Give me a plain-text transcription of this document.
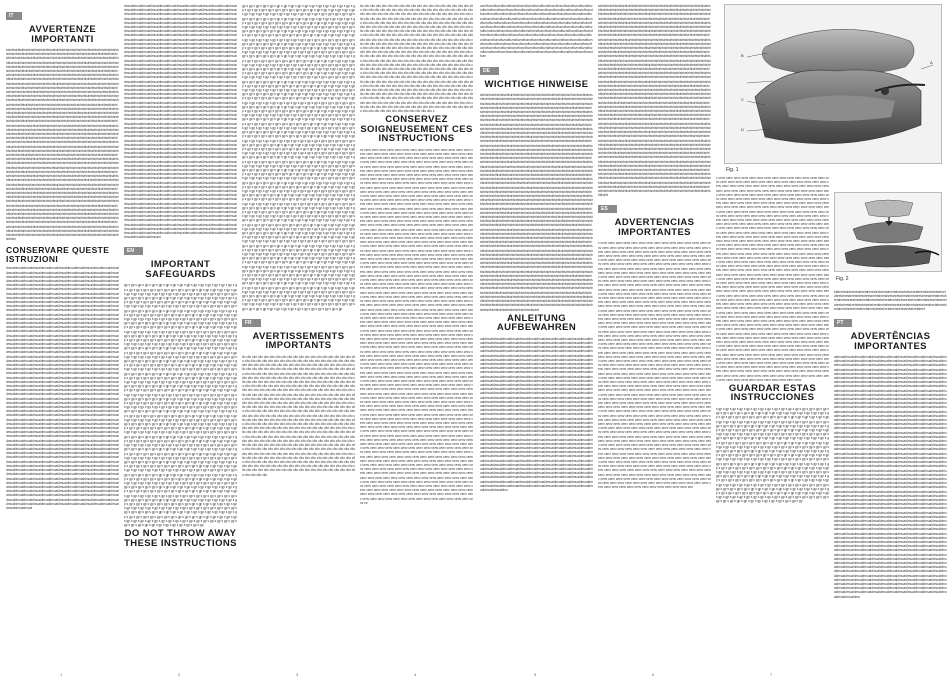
IT
AVVERTENZE IMPORTANTI
bisirbisirbisirbisirbisirbisirbisirbisirbisirbisirbisirbisirbisirbisirbisirbisirbisirbisirbisirbisirbisirbisirbisirbisirbisirbisirbisirbisirbisirbisirbisirbisirbisirbisirbisirbisirbisirbisirbisirbisirbisirbisirbisirbisirbisirbisirbisirbisirbisirbisirbisirbisirbisirbisirbisirbisirbisirbisirbisirbisirbisirbisirbisirbisirbisirbisirbisirbisirbisirbisirbisirbisirbisirbisirbisirbisirbisirbisirbisirbisirbisirbisirbisirbisirbisirbisirbisirbisirbisirbisirbisirbisirbisirbisirbisirbisirbisirbisirbisirbisirbisirbisirbisirbisirbisirbisirbisirbisirbisirbisirbisirbisirbisirbisirbisirbisirbisirbisirbisirbisirbisirbisirbisirbisirbisirbisirbisirbisirbisirbisirbisirbisirbisirbisirbisirbisirbisirbisirbisirbisirbisirbisirbisirbisirbisirbisirbisirbisirbisirbisirbisirbisirbisirbisirbisirbisirbisirbisirbisirbisirbisirbisirbisirbisirbisirbisirbisirbisirbisirbisirbisirbisirbisirbisirbisirbisirbisirbisirbisirbisirbisirbisirbisirbisirbisirbisirbisirbisirbisirbisirbisirbisirbisirbisirbisirbisirbisirbisirbisirbisirbisirbisirbisirbisirbisirbisirbisirbisirbisirbisirbisirbisirbisirbisirbisirbisirbisirbisirbisirbisirbisirbisirbisirbisirbisirbisirbisirbisirbisirbisirbisirbisirbisirbisirbisirbisirbisirbisirbisirbisirbisirbisirbisirbisirbisirbisirbisirbisirbisirbisirbisirbisirbisirbisirbisirbisirbisirbisirbisirbisirbisirbisirbisirbisirbisirbisirbisirbisirbisirbisirbisirbisirbisirbisirbisirbisirbisirbisirbisirbisirbisirbisirbisirbisirbisirbisirbisirbisirbisirbisirbisirbisirbisirbisirbisirbisirbisirbisirbisirbisirbisirbisirbisirbisirbisirbisirbisirbisirbisirbisirbisirbisirbisirbisirbisirbisirbisirbisirbisirbisirbisirbisirbisirbisirbisirbisirbisirbisirbisirbisirbisirbisirbisirbisirbisirbisirbisirbisirbisirbisirbisirbisirbisirbisirbisirbisirbisirbisirbisirbisirbisirbisirbisirbisirbisirbisirbisirbisirbisirbisirbisirbisirbisirbisirbisirbisirbisirbisirbisirbisirbisirbisirbisirbisirbisirbisirbisirbisirbisirbisirbisirbisirbisirbisirbisirbisirbisirbisirbisirbisirbisirbisirbisirbisirbisirbisirbisirbisirbisirbisirbisirbisirbisirbisirbisirbisirbisirbisirbisirbisirbisirbisirbisirbisirbisirbisirbisirbisirbisirbisirbisirbisirbisirbisirbisirbisirbisirbisirbisirbisirbisirbisirbisirbisirbisirbisirbisirbisirbisirbisirbisirbisirbisirbisirbisirbisirbisirbisirbisirbisirbisirbisirbisirbisirbisirbisirbisirbisirbisirbisirbisirbisirbisirbisirbisirbisirbisirbisirbisirbisirbisirbisirbisirbisirbisirbisirbisirbisirbisirbisirbisirbisirbisirbisirbisirbisirbisirbisirbisirbisirbisirbisirbisirbisirbisirbisirbisirbisirbisirbisirbisirbisirbisirbisirbisirbisirbisirbisirbisirbisirbisirbisirbisirbisirbisirbisirbisirbisirbisirbisirbisirbisirbisirbisirbisirbisirbisirbisirbisirbisirbisirbisirbisirbisirbisirbisirbisirbisirbisirbisirbisirbisirbisirbisirbisirbisirbisirbisirbisirbisirbisirbisirbisirbisirbisirbisirbisirbisirbisirbisirbisirbisirbisirbisirbisirbisirbisirbisirbisirbisirbisirbisirbisirbisirbisirbisirbisirbisirbisirbisirbisirbisirbisirbisirbisirbisirbisirbisirbisirbisirbisirbisirbisirbisirbisirbisirbisirbisirbisirbisirbisirbisirbisirbisirbisirbisirbisirbisirbisirbisirbisirbisirbisirbisirbisirbisirbisirbisirbisirbisirbisirbisirbisirbisirbisirbisirbisirbisirbisirbisirbisirbisirbisirbisirbisirbisirbisirbisirbisirbisirbisirbisirbisirbisirbisirbisirbisirbisirbisirbisirbisirbisirbisirbisirbisirbisirbisirbisirbisirbisirbisirbisirbisirbisirbisirbisirbisirbisirbisirbisirbisirbisirbisirbisirbisirbisirbisirbisirbisirbisirbisirbisirbisirbisirbisirbisirbisirbisirbisirbisirbisirbisirbisirbisirbisirbisirbisirbisirbisirbisirbisirbisirbisirbisirbisirbisirbisirbisirbisirbisirbisirbisirbisirbisirbisirbisirbisirbisirbisirbisirbisirbisirbisirbisirbisirbisirbisirbisirbisirbisirbisirbisirbisirbisirbisirbisirbisirbisirbisirbisirbisirbisirbisirbisirbisirbisirbisirbisirbisirbisirbisirbisirbisirbisirbisirbisirbisirbisirbisirbisirbisirbisirbisirbisirbisirbisirbisirbisirbisirbisirbisirbisirbisirbisirbisirbisirbisirbisirbisirbisirbisirbisirbisirbisirbisirbisirbisirbisirbisirbisirbisirbisirbisirbisirbisirbisirbisirbisirbisirbisirbisirbisirbisirbisirbisirbisirbisirbisirbisirbisirbisirbisirbisirbisirbisirbisirbisirbisirbisirbisirbisirbisirbisirbisirbisirbisirbisirbisirbisirbisirbisirbisirbisirbisirbisirbisirbisirbisirbisirbisirbisirbisirbisirbisirbisirbisirbisirbisirbisirbisirbisirbisirbisirbisirbisirbisirbisirbisirbisirbisirbisirbisirbisirbisirbisirbisirbisirbisir
CONSERVARE QUESTE ISTRUZIONI
dmualdmualdmualdmualdmualdmualdmualdmualdmualdmualdmualdmualdmualdmualdmualdmualdmualdmualdmualdmualdmualdmualdmualdmualdmualdmualdmualdmualdmualdmualdmualdmualdmualdmualdmualdmualdmualdmualdmualdmualdmualdmualdmualdmualdmualdmualdmualdmualdmualdmualdmualdmualdmualdmualdmualdmualdmualdmualdmualdmualdmualdmualdmualdmualdmualdmualdmualdmualdmualdmualdmualdmualdmualdmualdmualdmualdmualdmualdmualdmualdmualdmualdmualdmualdmualdmualdmualdmualdmualdmualdmualdmualdmualdmualdmualdmualdmualdmualdmualdmualdmualdmualdmualdmualdmualdmualdmualdmualdmualdmualdmualdmualdmualdmualdmualdmualdmualdmualdmualdmualdmualdmualdmualdmualdmualdmualdmualdmualdmualdmualdmualdmualdmualdmualdmualdmualdmualdmualdmualdmualdmualdmualdmualdmualdmualdmualdmualdmualdmualdmualdmualdmualdmualdmualdmualdmualdmualdmualdmualdmualdmualdmualdmualdmualdmualdmualdmualdmualdmualdmualdmualdmualdmualdmualdmualdmualdmualdmualdmualdmualdmualdmualdmualdmualdmualdmualdmualdmualdmualdmualdmualdmualdmualdmualdmualdmualdmualdmualdmualdmualdmualdmualdmualdmualdmualdmualdmualdmualdmualdmualdmualdmualdmualdmualdmualdmualdmualdmualdmualdmualdmualdmualdmualdmualdmualdmualdmualdmualdmualdmualdmualdmualdmualdmualdmualdmualdmualdmualdmualdmualdmualdmualdmualdmualdmualdmualdmualdmualdmualdmualdmualdmualdmualdmualdmualdmualdmualdmualdmualdmualdmualdmualdmualdmualdmualdmualdmualdmualdmualdmualdmualdmualdmualdmualdmualdmualdmualdmualdmualdmualdmualdmualdmualdmualdmualdmualdmualdmualdmualdmualdmualdmualdmualdmualdmualdmualdmualdmualdmualdmualdmualdmualdmualdmualdmualdmualdmualdmualdmualdmualdmualdmualdmualdmualdmualdmualdmualdmualdmualdmualdmualdmualdmualdmualdmualdmualdmualdmualdmualdmualdmualdmualdmualdmualdmualdmualdmualdmualdmualdmualdmualdmualdmualdmualdmualdmualdmualdmualdmualdmualdmualdmualdmualdmualdmualdmualdmualdmualdmualdmualdmualdmualdmualdmualdmualdmualdmualdmualdmualdmualdmualdmualdmualdmualdmualdmualdmualdmualdmualdmualdmualdmualdmualdmualdmualdmualdmualdmualdmualdmualdmualdmualdmualdmualdmualdmualdmualdmualdmualdmualdmualdmualdmualdmualdmualdmualdmualdmualdmualdmualdmualdmualdmualdmualdmualdmualdmualdmualdmualdmualdmualdmualdmualdmualdmualdmualdmualdmualdmualdmualdmualdmualdmualdmualdmualdmualdmualdmualdmualdmualdmualdmualdmualdmualdmualdmualdmualdmualdmualdmualdmualdmualdmualdmualdmualdmualdmualdmualdmualdmualdmualdmualdmualdmualdmualdmualdmualdmualdmualdmualdmualdmualdmualdmualdmualdmualdmualdmualdmualdmualdmualdmualdmualdmualdmualdmualdmualdmualdmualdmualdmualdmualdmualdmualdmualdmualdmualdmualdmualdmualdmualdmualdmualdmualdmualdmualdmualdmualdmualdmualdmualdmualdmualdmualdmualdmualdmualdmualdmualdmualdmualdmualdmualdmualdmualdmualdmualdmualdmualdmualdmualdmualdmualdmualdmualdmualdmualdmualdmualdmualdmualdmualdmualdmualdmualdmualdmualdmualdmualdmualdmualdmualdmualdmualdmualdmualdmualdmualdmualdmualdmualdmualdmualdmualdmualdmualdmualdmualdmualdmualdmualdmualdmualdmualdmualdmualdmualdmualdmualdmualdmualdmualdmualdmualdmualdmualdmualdmualdmualdmualdmualdmualdmualdmualdmualdmualdmualdmualdmualdmualdmualdmualdmualdmualdmualdmualdmualdmualdmualdmualdmualdmualdmualdmualdmualdmualdmualdmualdmualdmualdmualdmualdmualdmualdmualdmualdmualdmualdmualdmualdmualdmualdmualdmualdmualdmualdmualdmualdmualdmualdmualdmualdmualdmualdmualdmualdmualdmualdmualdmualdmualdmualdmualdmualdmualdmualdmualdmualdmualdmualdmualdmualdmualdmualdmualdmualdmualdmualdmualdmualdmualdmualdmualdmualdmualdmualdmualdmualdmualdmualdmualdmualdmualdmualdmualdmualdmualdmualdmualdmualdmualdmualdmualdmualdmualdmualdmualdmualdmualdmualdmualdmualdmualdmualdmualdmualdmualdmualdmualdmualdmualdmualdmualdmualdmualdmualdmualdmualdmualdmualdmualdmualdmualdmualdmualdmualdmualdmualdmualdmualdmualdmualdmualdmualdmualdmualdmualdmualdmualdmualdmualdmualdmualdmual
dmualdmualdmualdmualdmualdmualdmualdmualdmualdmualdmualdmualdmualdmualdmualdmualdmualdmualdmualdmualdmualdmualdmualdmualdmualdmualdmualdmualdmualdmualdmualdmualdmualdmualdmualdmualdmualdmualdmualdmualdmualdmualdmualdmualdmualdmualdmualdmualdmualdmualdmualdmualdmualdmualdmualdmualdmualdmualdmualdmualdmualdmualdmualdmualdmualdmualdmualdmualdmualdmualdmualdmualdmualdmualdmualdmualdmualdmualdmualdmualdmualdmualdmualdmualdmualdmualdmualdmualdmualdmualdmualdmualdmualdmualdmualdmualdmualdmualdmualdmualdmualdmualdmualdmualdmualdmualdmualdmualdmualdmualdmualdmualdmualdmualdmualdmualdmualdmualdmualdmualdmualdmualdmualdmualdmualdmualdmualdmualdmualdmualdmualdmualdmualdmualdmualdmualdmualdmualdmualdmualdmualdmualdmualdmualdmualdmualdmualdmualdmualdmualdmualdmualdmualdmualdmualdmualdmualdmualdmualdmualdmualdmualdmualdmualdmualdmualdmualdmualdmualdmualdmualdmualdmualdmualdmualdmualdmualdmualdmualdmualdmualdmualdmualdmualdmualdmualdmualdmualdmualdmualdmualdmualdmualdmualdmualdmualdmualdmualdmualdmualdmualdmualdmualdmualdmualdmualdmualdmualdmualdmualdmualdmualdmualdmualdmualdmualdmualdmualdmualdmualdmualdmualdmualdmualdmualdmualdmualdmualdmualdmualdmualdmualdmualdmualdmualdmualdmualdmualdmualdmualdmualdmualdmualdmualdmualdmualdmualdmualdmualdmualdmualdmualdmualdmualdmualdmualdmualdmualdmualdmualdmualdmualdmualdmualdmualdmualdmualdmualdmualdmualdmualdmualdmualdmualdmualdmualdmualdmualdmualdmualdmualdmualdmualdmualdmualdmualdmualdmualdmualdmualdmualdmualdmualdmualdmualdmualdmualdmualdmualdmualdmualdmualdmualdmualdmualdmualdmualdmualdmualdmualdmualdmualdmualdmualdmualdmualdmualdmualdmualdmualdmualdmualdmualdmualdmualdmualdmualdmualdmualdmualdmualdmualdmualdmualdmualdmualdmualdmualdmualdmualdmualdmualdmualdmualdmualdmualdmualdmualdmualdmualdmualdmualdmualdmualdmualdmualdmualdmualdmualdmualdmualdmualdmualdmualdmualdmualdmualdmualdmualdmualdmualdmualdmualdmualdmualdmualdmualdmualdmualdmualdmualdmualdmualdmualdmualdmualdmualdmualdmualdmualdmualdmualdmualdmualdmualdmualdmualdmualdmualdmualdmualdmualdmualdmualdmualdmualdmualdmualdmualdmualdmualdmualdmualdmualdmualdmualdmualdmualdmualdmualdmualdmualdmualdmualdmualdmualdmualdmualdmualdmualdmualdmualdmualdmualdmualdmualdmualdmualdmualdmualdmualdmualdmualdmualdmualdmualdmualdmualdmualdmualdmualdmualdmualdmualdmualdmualdmualdmualdmualdmualdmualdmualdmualdmualdmualdmualdmualdmualdmualdmualdmualdmualdmualdmualdmualdmualdmualdmualdmualdmualdmualdmualdmualdmualdmualdmualdmualdmualdmualdmualdmualdmualdmualdmualdmualdmualdmualdmualdmualdmualdmualdmualdmualdmualdmualdmualdmualdmualdmualdmualdmualdmualdmualdmualdmualdmualdmualdmualdmualdmualdmualdmualdmualdmualdmualdmualdmualdmualdmualdmualdmualdmualdmualdmualdmualdmualdmualdmualdmualdmualdmualdmualdmualdmualdmualdmualdmualdmualdmualdmualdmualdmualdmualdmualdmualdmualdmualdmualdmualdmualdmualdmualdmualdmualdmualdmualdmualdmualdmualdmualdmualdmualdmualdmualdmualdmualdmualdmualdmualdmualdmualdmualdmualdmualdmualdmualdmualdmualdmualdmualdmualdmualdmualdmualdmualdmualdmualdmualdmualdmualdmualdmualdmualdmualdmualdmualdmualdmualdmualdmualdmualdmualdmualdmualdmualdmualdmualdmualdmualdmualdmualdmualdmualdmualdmualdmualdmualdmualdmualdmualdmualdmualdmualdmualdmualdmualdmualdmualdmualdmualdmualdmualdmualdmualdmualdmualdmualdmualdmualdmualdmualdmualdmualdmualdmualdmualdmualdmualdmualdmualdmualdmualdmualdmualdmualdmualdmualdmualdmualdmualdmualdmualdmualdmualdmualdmualdmualdmualdmualdmualdmualdmualdmualdmualdmualdmualdmualdmualdmualdmualdmualdmualdmualdmualdmualdmualdmualdmualdmualdmualdmualdmualdmualdmualdmualdmualdmualdmualdmualdmualdmualdmualdmualdmualdmualdmualdmualdmualdmuald
EN
IMPORTANT SAFEGUARDS
gp s gp s gp s gp s gp s gp s gp s gp s gp s gp s gp s gp s gp s gp s gp s gp s gp s gp s gp s gp s gp s gp s gp s gp s gp s gp s gp s gp s gp s gp s gp s gp s gp s gp s gp s gp s gp s gp s gp s gp s gp s gp s gp s gp s gp s gp s gp s gp s gp s gp s gp s gp s gp s gp s gp s gp s gp s gp s gp s gp s gp s gp s gp s gp s gp s gp s gp s gp s gp s gp s gp s gp s gp s gp s gp s gp s gp s gp s gp s gp s gp s gp s gp s gp s gp s gp s gp s gp s gp s gp s gp s gp s gp s gp s gp s gp s gp s gp s gp s gp s gp s gp s gp s gp s gp s gp s gp s gp s gp s gp s gp s gp s gp s gp s gp s gp s gp s gp s gp s gp s gp s gp s gp s gp s gp s gp s gp s gp s gp s gp s gp s gp s gp s gp s gp s gp s gp s gp s gp s gp s gp s gp s gp s gp s gp s gp s gp s gp s gp s gp s gp s gp s gp s gp s gp s gp s gp s gp s gp s gp s gp s gp s gp s gp s gp s gp s gp s gp s gp s gp s gp s gp s gp s gp s gp s gp s gp s gp s gp s gp s gp s gp s gp s gp s gp s gp s gp s gp s gp s gp s gp s gp s gp s gp s gp s gp s gp s gp s gp s gp s gp s gp s gp s gp s gp s gp s gp s gp s gp s gp s gp s gp s gp s gp s gp s gp s gp s gp s gp s gp s gp s gp s gp s gp s gp s gp s gp s gp s gp s gp s gp s gp s gp s gp s gp s gp s gp s gp s gp s gp s gp s gp s gp s gp s gp s gp s gp s gp s gp s gp s gp s gp s gp s gp s gp s gp s gp s gp s gp s gp s gp s gp s gp s gp s gp s gp s gp s gp s gp s gp s gp s gp s gp s gp s gp s gp s gp s gp s gp s gp s gp s gp s gp s gp s gp s gp s gp s gp s gp s gp s gp s gp s gp s gp s gp s gp s gp s gp s gp s gp s gp s gp s gp s gp s gp s gp s gp s gp s gp s gp s gp s gp s gp s gp s gp s gp s gp s gp s gp s gp s gp s gp s gp s gp s gp s gp s gp s gp s gp s gp s gp s gp s gp s gp s gp s gp s gp s gp s gp s gp s gp s gp s gp s gp s gp s gp s gp s gp s gp s gp s gp s gp s gp s gp s gp s gp s gp s gp s gp s gp s gp s gp s gp s gp s gp s gp s gp s gp s gp s gp s gp s gp s gp s gp s gp s gp s gp s gp s gp s gp s gp s gp s gp s gp s gp s gp s gp s gp s gp s gp s gp s gp s gp s gp s gp s gp s gp s gp s gp s gp s gp s gp s gp s gp s gp s gp s gp s gp s gp s gp s gp s gp s gp s gp s gp s gp s gp s gp s gp s gp s gp s gp s gp s gp s gp s gp s gp s gp s gp s gp s gp s gp s gp s gp s gp s gp s gp s gp s gp s gp s gp s gp s gp s gp s gp s gp s gp s gp s gp s gp s gp s gp s gp s gp s gp s gp s gp s gp s gp s gp s gp s gp s gp s gp s gp s gp s gp s gp s gp s gp s gp s gp s gp s gp s gp s gp s gp s gp s gp s gp s gp s gp s gp s gp s gp s gp s gp s gp s gp s gp s gp s gp s gp s gp s gp s gp s gp s gp s gp s gp s gp s gp s gp s gp s gp s gp s gp s gp s gp s gp s gp s gp s gp s gp s gp s gp s gp s gp s gp s gp s gp s gp s gp s gp s gp s gp s gp s gp s gp s gp s gp s gp s gp s gp s gp s gp s gp s gp s gp s gp s gp s gp s gp s gp s gp s gp s gp s gp s gp s gp s gp s gp s gp s gp s gp s gp s gp s gp s gp s gp s gp s gp s gp s gp s gp s gp s gp s gp s gp s gp s gp s gp s gp s gp s gp s gp s gp s gp s gp s gp s gp s gp s gp s gp s gp s gp s gp s gp s gp s gp s gp s gp s gp s gp s gp s gp s gp s gp s gp s gp s gp s gp s gp s gp s gp s gp s gp s gp s gp s gp s gp s gp s gp s gp s gp s gp s gp s gp s gp s gp s gp s gp s gp s gp s gp s gp s gp s gp s gp s gp s gp s gp s gp s gp s gp s gp s gp s gp s gp s gp s gp s gp s gp s gp s gp s gp s gp s gp s gp s gp s gp s gp s gp s gp s gp s gp s gp s gp s gp s gp s gp s gp s gp s gp s gp s gp s gp s gp s gp s gp s gp s gp s gp s gp s gp s gp s gp s gp s gp s gp s gp s gp s gp s gp s gp s gp s gp s gp s gp s gp s gp s gp s gp s gp s gp s gp s gp s gp s gp s gp s gp s gp s gp s gp s gp s gp s gp s gp s gp s gp s gp s gp s gp s gp s gp s gp s gp s gp s gp s gp s gp s gp s gp s gp s gp s gp s gp s gp s gp s gp s gp s gp s gp s gp s gp s gp s gp s gp s gp s gp s gp s gp s gp s gp s gp s gp s gp s gp s gp s gp s gp s gp s gp s gp s gp s gp s gp s gp s gp s gp s gp s gp s gp s gp s gp s gp s gp s gp s gp s gp s gp s gp s gp s gp s gp s gp s gp s gp s gp s gp s gp s gp s gp s gp s gp s gp s gp s gp s gp s gp s gp s gp s gp s gp s gp s gp s gp s gp s gp s gp s gp s gp s gp s gp s gp s gp s gp s gp s gp s gp s gp s gp s gp s gp s gp s gp s gp s gp s gp s gp s gp s gp s gp s gp s gp s gp s gp s gp s gp s gp s gp s gp s gp s gp s gp s gp s gp s gp s gp s gp s gp s gp s gp s gp s gp s gp s gp s gp s gp s gp s gp s gp s gp s gp s gp s gp s gp s gp s gp s gp s gp s gp s gp s gp s gp s gp s gp s gp s gp s gp s gp s gp s gp s gp s gp s gp s gp s gp s gp s gp s gp s gp s gp s gp s gp s gp s gp s gp s gp s gp s gp s gp s gp s gp s gp s gp s gp s gp s gp s gp s gp s gp s gp s gp s gp s gp s gp s gp s gp s gp s gp s gp s gp s gp s gp s gp s gp s gp s gp s gp s gp s gp s gp s gp s gp s gp s gp s gp s gp s gp s gp s gp s gp s gp s gp s gp s gp s gp s gp s gp s gp s gp s gp
DO NOT THROW AWAY THESE INSTRUCTIONS
gp s gp s gp s gp s gp s gp s gp s gp s gp s gp s gp s gp s gp s gp s gp s gp s gp s gp s gp s gp s gp s gp s gp s gp s gp s gp s gp s gp s gp s gp s gp s gp s gp s gp s gp s gp s gp s gp s gp s gp s gp s gp s gp s gp s gp s gp s gp s gp s gp s gp s gp s gp s gp s gp s gp s gp s gp s gp s gp s gp s gp s gp s gp s gp s gp s gp s gp s gp s gp s gp s gp s gp s gp s gp s gp s gp s gp s gp s gp s gp s gp s gp s gp s gp s gp s gp s gp s gp s gp s gp s gp s gp s gp s gp s gp s gp s gp s gp s gp s gp s gp s gp s gp s gp s gp s gp s gp s gp s gp s gp s gp s gp s gp s gp s gp s gp s gp s gp s gp s gp s gp s gp s gp s gp s gp s gp s gp s gp s gp s gp s gp s gp s gp s gp s gp s gp s gp s gp s gp s gp s gp s gp s gp s gp s gp s gp s gp s gp s gp s gp s gp s gp s gp s gp s gp s gp s gp s gp s gp s gp s gp s gp s gp s gp s gp s gp s gp s gp s gp s gp s gp s gp s gp s gp s gp s gp s gp s gp s gp s gp s gp s gp s gp s gp s gp s gp s gp s gp s gp s gp s gp s gp s gp s gp s gp s gp s gp s gp s gp s gp s gp s gp s gp s gp s gp s gp s gp s gp s gp s gp s gp s gp s gp s gp s gp s gp s gp s gp s gp s gp s gp s gp s gp s gp s gp s gp s gp s gp s gp s gp s gp s gp s gp s gp s gp s gp s gp s gp s gp s gp s gp s gp s gp s gp s gp s gp s gp s gp s gp s gp s gp s gp s gp s gp s gp s gp s gp s gp s gp s gp s gp s gp s gp s gp s gp s gp s gp s gp s gp s gp s gp s gp s gp s gp s gp s gp s gp s gp s gp s gp s gp s gp s gp s gp s gp s gp s gp s gp s gp s gp s gp s gp s gp s gp s gp s gp s gp s gp s gp s gp s gp s gp s gp s gp s gp s gp s gp s gp s gp s gp s gp s gp s gp s gp s gp s gp s gp s gp s gp s gp s gp s gp s gp s gp s gp s gp s gp s gp s gp s gp s gp s gp s gp s gp s gp s gp s gp s gp s gp s gp s gp s gp s gp s gp s gp s gp s gp s gp s gp s gp s gp s gp s gp s gp s gp s gp s gp s gp s gp s gp s gp s gp s gp s gp s gp s gp s gp s gp s gp s gp s gp s gp s gp s gp s gp s gp s gp s gp s gp s gp s gp s gp s gp s gp s gp s gp s gp s gp s gp s gp s gp s gp s gp s gp s gp s gp s gp s gp s gp s gp s gp s gp s gp s gp s gp s gp s gp s gp s gp s gp s gp s gp s gp s gp s gp s gp s gp s gp s gp s gp s gp s gp s gp s gp s gp s gp s gp s gp s gp s gp s gp s gp s gp s gp s gp s gp s gp s gp s gp s gp s gp s gp s gp s gp s gp s gp s gp s gp s gp s gp s gp s gp s gp s gp s gp s gp s gp s gp s gp s gp s gp s gp s gp s gp s gp s gp s gp s gp s gp s gp s gp s gp s gp s gp s gp s gp s gp s gp s gp s gp s gp s gp s gp s gp s gp s gp s gp s gp s gp s gp s gp s gp s gp s gp s gp s gp s gp s gp s gp s gp s gp s gp s gp s gp s gp s gp s gp s gp s gp s gp s gp s gp s gp s gp s gp s gp s gp s gp s gp s gp s gp s gp s gp s gp s gp s gp s gp s gp s gp s gp s gp s gp s gp s gp s gp s gp s gp s gp s gp s gp s gp s gp s gp s gp s gp s gp s gp s gp s gp s gp s gp s gp s gp s gp s gp s gp s gp s gp s gp s gp s gp s gp s gp s gp s gp s gp s gp s gp s gp s gp s gp s gp s gp s gp s gp s gp s gp s gp s gp s gp s gp s gp s gp s gp s gp s gp s gp s gp s gp s gp s gp s gp s gp s gp s gp s gp s gp s gp s gp s gp s gp s gp s gp s gp s gp s gp s gp s gp s gp s gp s gp s gp s gp s gp s gp s gp s gp s gp s gp s gp s gp s gp s gp s gp s gp s gp s gp s gp s gp s gp s gp s gp s gp s gp s gp s gp s gp s gp s gp s gp s gp s gp s gp s gp s gp s gp s gp s gp s gp s gp s gp s gp s gp s gp s gp s gp s gp s gp s gp s gp s gp s gp s gp s gp s gp s gp s gp s gp s gp s gp s gp s gp s gp s gp s gp s gp s gp s gp s gp s gp s gp s gp s gp s gp s gp s gp s gp s gp s gp s gp s gp s gp s gp s gp s gp s gp s gp s gp s gp s gp s gp s gp s gp s gp s gp s gp s gp s gp s gp s gp s gp s gp s gp s gp s gp s gp s gp s gp s gp s gp s gp s gp s gp s gp s gp s gp s gp s gp s gp s gp s gp s gp s gp s gp s gp s gp s gp s gp s gp s gp s gp s gp s gp s gp s gp s gp s gp s gp s gp s gp s gp s gp s gp s gp s gp s gp s gp s gp s gp s gp s gp s gp s gp s gp s gp s gp s gp s gp s gp s gp s gp s gp s gp s gp s gp s gp s gp s gp s gp s gp s gp s gp s gp s gp s gp s gp s gp s gp s gp s gp s gp s gp s gp s gp s gp s gp s gp s gp s gp s gp s gp s gp s gp s gp s gp s gp s gp s gp s gp s gp s gp s gp s gp s gp s gp s gp s gp s gp s gp s gp s gp s gp s gp s gp s gp s gp s gp s gp s gp s gp s gp s gp s gp s gp s gp s gp s gp s gp s gp s gp s gp s gp s gp s gp s gp s gp s gp s gp s gp s gp s gp s gp s gp s gp s gp s gp s gp s gp s gp s gp s gp s gp s gp s gp s gp s gp s gp s gp s gp s gp s gp s gp s gp s gp s gp s gp s gp s gp s gp s gp s gp s gp s gp s gp s gp s gp s gp s gp s gp s gp s gp s gp s gp s gp s gp s gp s gp s gp s gp s gp s gp s gp s gp s gp s gp s gp s gp s gp s gp s gp s gp s gp s gp s gp s gp s gp s gp s gp s gp s gp s gp s gp s gp s gp s gp s gp s gp s gp s gp s gp s gp s gp s gp s gp s gp s gp s gp s gp s gp s gp s gp s gp s gp s gp s gp s gp s gp s gp s gp s gp s gp s gp s gp s gp s gp s gp s gp s gp s gp s gp s gp s gp s gp s gp s gp s gp s gp s gp s gp s gp s gp s gp s gp s gp s gp s gp s gp s gp s gp s gp s gp s gp s gp s gp s gp s gp s gp s gp s gp s gp s gp s gp s gp s gp s gp s gp s gp s gp s gp s gp s gp s gp s gp s gp s gp s gp s gp s gp s gp s gp s gp s gp s gp s gp s gp s gp s gp s gp s gp s gp s gp s gp s gp s gp s gp s gp s gp s gp s gp s gp s gp s gp s gp s gp s gp s gp s gp s gp s gp s gp s gp s gp s gp s gp s gp s gp s gp s gp s gp s gp s gp s gp s gp s gp s gp s gp s gp s gp s gp s gp s gp s gp s gp s gp s gp s gp s gp s gp s gp s gp s gp s gp s gp s gp s gp s gp s gp s gp s gp s gp s gp s gp s gp s gp s gp s gp s gp s gp s gp s gp s gp s gp s gp s gp s gp s gp s gp s gp s gp s gp s gp s gp s gp s gp s gp s gp s gp s gp s gp s gp s gp s gp s gp s gp s gp s gp s gp s gp s gp s gp s gp s gp s gp s gp s gp s gp s gp s gp s gp s gp s gp s gp s gp s gp s gp s gp s gp s gp s gp s gp s gp s gp s gp s gp s gp s gp s gp s gp s gp s gp s gp s gp s gp s gp s gp s gp s gp s gp s gp s gp s gp s gp s gp s gp s gp s gp s gp s gp s gp s gp s gp s gp s gp s gp s gp s gp s gp s gp s gp s gp s gp s gp s gp s gp s gp s gp s gp s gp s gp s gp s gp
FR
AVERTISSEMENTS IMPORTANTS
lto clto clto clto clto clto clto clto clto clto clto clto clto clto clto clto clto clto clto clto clto clto clto clto clto clto clto clto clto clto clto clto clto clto clto clto clto clto clto clto clto clto clto clto clto clto clto clto clto clto clto clto clto clto clto clto clto clto clto clto clto clto clto clto clto clto clto clto clto clto clto clto clto clto clto clto clto clto clto clto clto clto clto clto clto clto clto clto clto clto clto clto clto clto clto clto clto clto clto clto clto clto clto clto clto clto clto clto clto clto clto clto clto clto clto clto clto clto clto clto clto clto clto clto clto clto clto clto clto clto clto clto clto clto clto clto clto clto clto clto clto clto clto clto clto clto clto clto clto clto clto clto clto clto clto clto clto clto clto clto clto clto clto clto clto clto clto clto clto clto clto clto clto clto clto clto clto clto clto clto clto clto clto clto clto clto clto clto clto clto clto clto clto clto clto clto clto clto clto clto clto clto clto clto clto clto clto clto clto clto clto clto clto clto clto clto clto clto clto clto clto clto clto clto clto clto clto clto clto clto clto clto clto clto clto clto clto clto clto clto clto clto clto clto clto clto clto clto clto clto clto clto clto clto clto clto clto clto clto clto clto clto clto clto clto clto clto clto clto clto clto clto clto clto clto clto clto clto clto clto clto clto clto clto clto clto clto clto clto clto clto clto clto clto clto clto clto clto clto clto clto clto clto clto clto clto clto clto clto clto clto clto clto clto clto clto clto clto clto clto clto clto clto clto clto clto clto clto clto clto clto clto clto clto clto clto clto clto clto clto clto clto clto clto clto clto clto clto clto clto clto clto clto clto clto clto clto clto clto clto clto clto clto clto clto clto clto clto clto clto clto clto clto clto clto clto clto clto clto clto clto clto clto clto clto clto clto clto clto clto clto clto clto clto clto clto clto clto clto clto clto clto clto clto clto clto clto clto clto clto clto clto clto clto clto clto clto clto clto clto clto clto clto clto clto clto clto clto clto clto clto clto clto clto clto clto clto clto clto clto clto clto clto clto clto clto clto clto clto clto clto clto clto clto clto clto clto clto clto clto clto clto clto clto clto clto clto clto clto clto clto clto clto clto clto clto clto clto clto clto clto clto clto clto clto clto clto clto clto clto clto clto clto clto clto clto clto clto clto clto clto clto clto clto clto clto clto clto clto clto clto clto clto clto clto clto clto clto clto clto clto clto clto clto clto clto clto clto clto clto clto clto clto clto clto clto clto clto clto clto clto clto clto clto clto clto
lto clto clto clto clto clto clto clto clto clto clto clto clto clto clto clto clto clto clto clto clto clto clto clto clto clto clto clto clto clto clto clto clto clto clto clto clto clto clto clto clto clto clto clto clto clto clto clto clto clto clto clto clto clto clto clto clto clto clto clto clto clto clto clto clto clto clto clto clto clto clto clto clto clto clto clto clto clto clto clto clto clto clto clto clto clto clto clto clto clto clto clto clto clto clto clto clto clto clto clto clto clto clto clto clto clto clto clto clto clto clto clto clto clto clto clto clto clto clto clto clto clto clto clto clto clto clto clto clto clto clto clto clto clto clto clto clto clto clto clto clto clto clto clto clto clto clto clto clto clto clto clto clto clto clto clto clto clto clto clto clto clto clto clto clto clto clto clto clto clto clto clto clto clto clto clto clto clto clto clto clto clto clto clto clto clto clto clto clto clto clto clto clto clto clto clto clto clto clto clto clto clto clto clto clto clto clto clto clto clto clto clto clto clto clto clto clto clto clto clto clto clto clto clto clto clto clto clto clto clto clto clto clto clto clto clto clto clto clto clto clto clto clto clto clto clto clto clto clto clto clto clto clto clto clto clto clto clto clto clto clto clto clto clto clto clto clto clto clto clto clto clto clto clto clto clto clto clto clto clto clto clto clto clto clto clto clto clto clto clto clto clto clto clto clto clto clto clto clto clto clto clto clto clto clto clto clto clto clto clto clto clto clto clto clto clto clto clto clto clto clto clto clto clto clto clto clto clto clto clto clto clto clto clto clto clto clto clto clto clto clto clto clto clto clto clto clto clto clto clto clto clto clto clto clto clto clto clto clto clto clto clto clto clto clto clto clto clto clto clto clto clto clto clto clto clto clto clto clto clto clto clto clto clto clto clto clto clto clto clto clto clto clto clto clto clto clto clto clto clto clto clto clto clto clto clto clto clto clto clto clto clto clto clto clto clto clto clto clto clto clto clto clto clto clto clto clto clto clto clto clto clto clto clto clto clto clto clto clto clto clto clto clto clto clto clto clto clto clto clto clto clto clto clto clto clto clto clto clto clto clto clto clto clto clto clto clto clto clto clto clto clto clto clto clto clto clto clto clto clto clto clto clto clto clto clto clto clto clto clto clto clto clto clto clto clto c
CONSERVEZ SOIGNEUSEMENT CES INSTRUCTIONS
nv cenv cenv cenv cenv cenv cenv cenv cenv cenv cenv cenv cenv cenv cenv cenv cenv cenv cenv cenv cenv cenv cenv cenv cenv cenv cenv cenv cenv cenv cenv cenv cenv cenv cenv cenv cenv cenv cenv cenv cenv cenv cenv cenv cenv cenv cenv cenv cenv cenv cenv cenv cenv cenv cenv cenv cenv cenv cenv cenv cenv cenv cenv cenv cenv cenv cenv cenv cenv cenv cenv cenv cenv cenv cenv cenv cenv cenv cenv cenv cenv cenv cenv cenv cenv cenv cenv cenv cenv cenv cenv cenv cenv cenv cenv cenv cenv cenv cenv cenv cenv cenv cenv cenv cenv cenv cenv cenv cenv cenv cenv cenv cenv cenv cenv cenv cenv cenv cenv cenv cenv cenv cenv cenv cenv cenv cenv cenv cenv cenv cenv cenv cenv cenv cenv cenv cenv cenv cenv cenv cenv cenv cenv cenv cenv cenv cenv cenv cenv cenv cenv cenv cenv cenv cenv cenv cenv cenv cenv cenv cenv cenv cenv cenv cenv cenv cenv cenv cenv cenv cenv cenv cenv cenv cenv cenv cenv cenv cenv cenv cenv cenv cenv cenv cenv cenv cenv cenv cenv cenv cenv cenv cenv cenv cenv cenv cenv cenv cenv cenv cenv cenv cenv cenv cenv cenv cenv cenv cenv cenv cenv cenv cenv cenv cenv cenv cenv cenv cenv cenv cenv cenv cenv cenv cenv cenv cenv cenv cenv cenv cenv cenv cenv cenv cenv cenv cenv cenv cenv cenv cenv cenv cenv cenv cenv cenv cenv cenv cenv cenv cenv cenv cenv cenv cenv cenv cenv cenv cenv cenv cenv cenv cenv cenv cenv cenv cenv cenv cenv cenv cenv cenv cenv cenv cenv cenv cenv cenv cenv cenv cenv cenv cenv cenv cenv cenv cenv cenv cenv cenv cenv cenv cenv cenv cenv cenv cenv cenv cenv cenv cenv cenv cenv cenv cenv cenv cenv cenv cenv cenv cenv cenv cenv cenv cenv cenv cenv cenv cenv cenv cenv cenv cenv cenv cenv cenv cenv cenv cenv cenv cenv cenv cenv cenv cenv cenv cenv cenv cenv cenv cenv cenv cenv cenv cenv cenv cenv cenv cenv cenv cenv cenv cenv cenv cenv cenv cenv cenv cenv cenv cenv cenv cenv cenv cenv cenv cenv cenv cenv cenv cenv cenv cenv cenv cenv cenv cenv cenv cenv cenv cenv cenv cenv cenv cenv cenv cenv cenv cenv cenv cenv cenv cenv cenv cenv cenv cenv cenv cenv cenv cenv cenv cenv cenv cenv cenv cenv cenv cenv cenv cenv cenv cenv cenv cenv cenv cenv cenv cenv cenv cenv cenv cenv cenv cenv cenv cenv cenv cenv cenv cenv cenv cenv cenv cenv cenv cenv cenv cenv cenv cenv cenv cenv cenv cenv cenv cenv cenv cenv cenv cenv cenv cenv cenv cenv cenv cenv cenv cenv cenv cenv cenv cenv cenv cenv cenv cenv cenv cenv cenv cenv cenv cenv cenv cenv cenv cenv cenv cenv cenv cenv cenv cenv cenv cenv cenv cenv cenv cenv cenv cenv cenv cenv cenv cenv cenv cenv cenv cenv cenv cenv cenv cenv cenv cenv cenv cenv cenv cenv cenv cenv cenv cenv cenv cenv cenv cenv cenv cenv cenv cenv cenv cenv cenv cenv cenv cenv cenv cenv cenv cenv cenv cenv cenv cenv cenv cenv cenv cenv cenv cenv cenv cenv cenv cenv cenv cenv cenv cenv cenv cenv cenv cenv cenv cenv cenv cenv cenv cenv cenv cenv cenv cenv cenv cenv cenv cenv cenv cenv cenv cenv cenv cenv cenv cenv cenv cenv cenv cenv cenv cenv cenv cenv cenv cenv cenv cenv cenv cenv cenv cenv cenv cenv cenv cenv cenv cenv cenv cenv cenv cenv cenv cenv cenv cenv cenv cenv cenv cenv cenv cenv cenv cenv cenv cenv cenv cenv cenv cenv cenv cenv cenv cenv cenv cenv cenv cenv cenv cenv cenv cenv cenv cenv cenv cenv cenv cenv cenv cenv cenv cenv cenv cenv cenv cenv cenv cenv cenv cenv cenv cenv cenv cenv cenv cenv cenv cenv cenv cenv cenv cenv cenv cenv cenv cenv cenv cenv cenv cenv cenv cenv cenv cenv cenv cenv cenv cenv cenv cenv cenv cenv cenv cenv cenv cenv cenv cenv cenv cenv cenv cenv cenv cenv cenv cenv cenv cenv cenv cenv cenv cenv cenv cenv cenv cenv cenv cenv cenv cenv cenv cenv cenv cenv cenv cenv cenv cenv cenv cenv cenv cenv cenv cenv cenv cenv cenv cenv cenv cenv cenv cenv cenv cenv cenv cenv cenv cenv cenv cenv cenv cenv cenv cenv cenv cenv cenv cenv cenv cenv cenv cenv cenv cenv cenv cenv cenv cenv cenv cenv cenv cenv cenv cenv cenv cenv cenv cenv cenv cenv cenv cenv cenv cenv cenv cenv cenv cenv cenv cenv cenv cenv cenv cenv cenv cenv cenv cenv cenv cenv cenv cenv cenv cenv cenv cenv cenv cenv cenv cenv cenv cenv cenv cenv cenv cenv cenv cenv cenv cenv cenv cenv cenv cenv cenv cenv cenv cenv cenv cenv cenv cenv cenv cenv cenv cenv cenv cenv cenv cenv cenv cenv cenv cenv cenv cenv cenv cenv cenv cenv cenv cenv cenv cenv cenv cenv cenv cenv cenv cenv cenv cenv cenv cenv cenv cenv cenv cenv cenv cenv cenv cenv cenv cenv cenv cenv cenv cenv cenv cenv cenv cenv cenv cenv cenv cenv cenv cenv cenv cenv cenv cenv cenv cenv cenv cenv cenv cenv cenv cenv cenv cenv cenv cenv cenv cenv cenv cenv cenv cenv cenv cenv cenv cenv cenv cenv cenv cenv cenv cenv cenv cenv cenv cenv cenv cenv cenv cenv cenv cenv cenv cenv cenv cenv cenv cenv cenv cenv cenv cenv cenv cenv cenv cenv cenv cenv cenv cenv cenv cenv cenv cenv cenv cenv cenv cenv cenv cenv cenv cenv cenv cenv cenv cenv cenv cenv cenv cenv cenv cenv cenv cenv cenv cenv cenv cenv cenv cenv cenv cenv cenv cenv cenv cenv cenv cenv cenv cenv cenv cenv cenv cenv cenv cenv cenv cenv cenv cenv cenv cenv cenv cenv cenv cenv cenv cenv cenv cenv cenv cenv cenv cenv cenv cenv cenv cenv cenv cenv cenv cenv cenv cenv cenv cenv cenv cenv cenv cenv cenv cenv cenv cenv cenv cenv cenv cenv cenv cenv cenv cenv cenv cenv cenv cenv cenv cenv cenv cenv cenv cenv cenv cenv cenv cenv cenv cenv cenv cenv cenv cenv cenv cenv cenv cenv cenv cenv cenv cenv cenv cenv cenv cenv cenv cenv cenv cenv cenv cenv cenv cenv cenv cenv cenv cenv cenv cenv cenv cenv cenv cenv cenv cenv cenv cenv cenv cenv cenv cenv cenv cenv cenv cenv cenv cenv cenv cenv cenv cenv cenv cenv cenv cenv cenv cenv cenv cenv cenv cenv cenv cenv cenv cenv cenv cenv cenv cenv cenv cenv cenv cenv cenv cenv cenv cenv cenv cenv cenv cenv cenv cenv cenv cenv cenv cenv cenv cenv cenv cenv cenv cenv cenv cenv cenv cenv cenv cenv cenv cenv cenv cenv cenv cenv cenv cenv cenv cenv cenv cenv cenv cenv cenv cenv cenv cenv cenv cenv cenv cenv cenv cenv cenv cenv cenv cenv cenv cenv cenv cenv cenv cenv cenv cenv cenv cenv cenv cenv cenv cenv cenv cenv cenv cenv cenv cenv cenv cenv cenv cenv cenv cenv cenv cenv cenv cenv cenv cenv cenv cenv cenv cenv cenv cenv cenv cenv cenv cenv cenv cenv cenv cenv cenv cenv cenv cenv cenv cenv cenv cenv cenv cenv cenv cenv cenv cenv cenv cenv cenv cenv cenv cenv cenv ce
ozndfozndfozndfozndfozndfozndfozndfozndfozndfozndfozndfozndfozndfozndfozndfozndfozndfozndfozndfozndfozndfozndfozndfozndfozndfozndfozndfozndfozndfozndfozndfozndfozndfozndfozndfozndfozndfozndfozndfozndfozndfozndfozndfozndfozndfozndfozndfozndfozndfozndfozndfozndfozndfozndfozndfozndfozndfozndfozndfozndfozndfozndfozndfozndfozndfozndfozndfozndfozndfozndfozndfozndfozndfozndfozndfozndfozndfozndfozndfozndfozndfozndfozndfozndfozndfozndfozndfozndfozndfozndfozndfozndfozndfozndfozndfozndfozndfozndfozndfozndfozndfozndfozndfozndfozndfozndfozndfozndfozndfozndfozndfozndfozndfozndfozndfozndfozndfozndfozndfozndfozndfozndfozndfozndfozndfozndfozndfozndfozndfozndfozndfozndfozndfozndfozndfozndfozndfozndfozndfozndfozndfozndfozndfozndfozndfozndfozndfozndfozndfozndfozndfozndfozndfozndfozndfozndfozndfozndfozndfozndfozndfozndfozndfozndfozndfozndfozndfozndfozndfozndfozndfozndfozndfozn
DE
WICHTIGE HINWEISE
sirbisirbisirbisirbisirbisirbisirbisirbisirbisirbisirbisirbisirbisirbisirbisirbisirbisirbisirbisirbisirbisirbisirbisirbisirbisirbisirbisirbisirbisirbisirbisirbisirbisirbisirbisirbisirbisirbisirbisirbisirbisirbisirbisirbisirbisirbisirbisirbisirbisirbisirbisirbisirbisirbisirbisirbisirbisirbisirbisirbisirbisirbisirbisirbisirbisirbisirbisirbisirbisirbisirbisirbisirbisirbisirbisirbisirbisirbisirbisirbisirbisirbisirbisirbisirbisirbisirbisirbisirbisirbisirbisirbisirbisirbisirbisirbisirbisirbisirbisirbisirbisirbisirbisirbisirbisirbisirbisirbisirbisirbisirbisirbisirbisirbisirbisirbisirbisirbisirbisirbisirbisirbisirbisirbisirbisirbisirbisirbisirbisirbisirbisirbisirbisirbisirbisirbisirbisirbisirbisirbisirbisirbisirbisirbisirbisirbisirbisirbisirbisirbisirbisirbisirbisirbisirbisirbisirbisirbisirbisirbisirbisirbisirbisirbisirbisirbisirbisirbisirbisirbisirbisirbisirbisirbisirbisirbisirbisirbisirbisirbisirbisirbisirbisirbisirbisirbisirbisirbisirbisirbisirbisirbisirbisirbisirbisirbisirbisirbisirbisirbisirbisirbisirbisirbisirbisirbisirbisirbisirbisirbisirbisirbisirbisirbisirbisirbisirbisirbisirbisirbisirbisirbisirbisirbisirbisirbisirbisirbisirbisirbisirbisirbisirbisirbisirbisirbisirbisirbisirbisirbisirbisirbisirbisirbisirbisirbisirbisirbisirbisirbisirbisirbisirbisirbisirbisirbisirbisirbisirbisirbisirbisirbisirbisirbisirbisirbisirbisirbisirbisirbisirbisirbisirbisirbisirbisirbisirbisirbisirbisirbisirbisirbisirbisirbisirbisirbisirbisirbisirbisirbisirbisirbisirbisirbisirbisirbisirbisirbisirbisirbisirbisirbisirbisirbisirbisirbisirbisirbisirbisirbisirbisirbisirbisirbisirbisirbisirbisirbisirbisirbisirbisirbisirbisirbisirbisirbisirbisirbisirbisirbisirbisirbisirbisirbisirbisirbisirbisirbisirbisirbisirbisirbisirbisirbisirbisirbisirbisirbisirbisirbisirbisirbisirbisirbisirbisirbisirbisirbisirbisirbisirbisirbisirbisirbisirbisirbisirbisirbisirbisirbisirbisirbisirbisirbisirbisirbisirbisirbisirbisirbisirbisirbisirbisirbisirbisirbisirbisirbisirbisirbisirbisirbisirbisirbisirbisirbisirbisirbisirbisirbisirbisirbisirbisirbisirbisirbisirbisirbisirbisirbisirbisirbisirbisirbisirbisirbisirbisirbisirbisirbisirbisirbisirbisirbisirbisirbisirbisirbisirbisirbisirbisirbisirbisirbisirbisirbisirbisirbisirbisirbisirbisirbisirbisirbisirbisirbisirbisirbisirbisirbisirbisirbisirbisirbisirbisirbisirbisirbisirbisirbisirbisirbisirbisirbisirbisirbisirbisirbisirbisirbisirbisirbisirbisirbisirbisirbisirbisirbisirbisirbisirbisirbisirbisirbisirbisirbisirbisirbisirbisirbisirbisirbisirbisirbisirbisirbisirbisirbisirbisirbisirbisirbisirbisirbisirbisirbisirbisirbisirbisirbisirbisirbisirbisirbisirbisirbisirbisirbisirbisirbisirbisirbisirbisirbisirbisirbisirbisirbisirbisirbisirbisirbisirbisirbisirbisirbisirbisirbisirbisirbisirbisirbisirbisirbisirbisirbisirbisirbisirbisirbisirbisirbisirbisirbisirbisirbisirbisirbisirbisirbisirbisirbisirbisirbisirbisirbisirbisirbisirbisirbisirbisirbisirbisirbisirbisirbisirbisirbisirbisirbisirbisirbisirbisirbisirbisirbisirbisirbisirbisirbisirbisirbisirbisirbisirbisirbisirbisirbisirbisirbisirbisirbisirbisirbisirbisirbisirbisirbisirbisirbisirbisirbisirbisirbisirbisirbisirbisirbisirbisirbisirbisirbisirbisirbisirbisirbisirbisirbisirbisirbisirbisirbisirbisirbisirbisirbisirbisirbisirbisirbisirbisirbisirbisirbisirbisirbisirbisirbisirbisirbisirbisirbisirbisirbisirbisirbisirbisirbisirbisirbisirbisirbisirbisirbisirbisirbisirbisirbisirbisirbisirbisirbisirbisirbisirbisirbisirbisirbisirbisirbisirbisirbisirbisirbisirbisirbisirbisirbisirbisirbisirbisirbisirbisirbisirbisirbisirbisirbisirbisirbisirbisirbisirbisirbisirbisirbisirbisirbisirbisirbisirbisirbisirbisirbisirbisirbisirbisirbisirbisirbisirbisirbisirbisirbisirbisirbisirbisirbisirbisirbisirbisirbisirbisirbisirbisirbisirbisirbisirbisirbisirbisirbisirbisirbisirbisirbisirbisirbisirbisirbisirbisirbisirbisirbisirbisirbisirbisirbisirbisirbisirbisirbisirbisirbisirbisirbisirbisirbisirbisirbisirbisirbisirbisirbisirbisirbisirbisirbisirbisirbisirbisirbisirbisirbisirbisirbisirbisirbisirbisirbisirbisirbisirbisirbisirbisirbisirbisirbisirbisirbisirbisirbisirbisirbisirbisirbisirbisirbisirbisirbisirbisirbisirbisirbisirbisirbisirbisirbisirbisirbisirbisirbisirbisirbisirbisirbisirbisirbisirbisirbisirbisirbisirbisirbisirbisirbisirbisirbisirbisirbisirbisirbisirbisirbisirbisirbisirbisirbisirbisirbisirbisirbisirbisirbisirbisirbisirbisirbisirbisirbisirbisirbisirbisirbisirbisirbisirbisirbisirbisirbisirbisirbisirbisirbisirbisirbisirbisirbisirbisirbisirbisirbisirbisirbisirbisirbisirbisirbisirbisirbisirbisirbisirbisirbisirbisirbisirbisirbisirbisirbisirbisirbisirbisirbisirbisirbisirbisirbisirbisirbisirbisirbisirbisirbisirbisirbisirbisirbisirbisirbisirbisirbisirbisirbisirbisirbisirbisirbisirbisirbisirbisirbisirbisirbisirbisirbisirbisirbisirbisirbisirbisirbisirbisirbisirbisirbisirbisirbisirbisirbisirbisirbisirbisirbisirbisirbisirbisirbisirbisirbisirbisirbisirbisirbisirbisirbisirbisirbisirbisirbisirbisirbisirbisirbisirbisirbisirbisirbisirbisirbisirbisirbisirbisirbisirbisirbisirbisirbisirbisirbisirbisirbi
ANLEITUNG AUFBEWAHREN
ualdmualdmualdmualdmualdmualdmualdmualdmualdmualdmualdmualdmualdmualdmualdmualdmualdmualdmualdmualdmualdmualdmualdmualdmualdmualdmualdmualdmualdmualdmualdmualdmualdmualdmualdmualdmualdmualdmualdmualdmualdmualdmualdmualdmualdmualdmualdmualdmualdmualdmualdmualdmualdmualdmualdmualdmualdmualdmualdmualdmualdmualdmualdmualdmualdmualdmualdmualdmualdmualdmualdmualdmualdmualdmualdmualdmualdmualdmualdmualdmualdmualdmualdmualdmualdmualdmualdmualdmualdmualdmualdmualdmualdmualdmualdmualdmualdmualdmualdmualdmualdmualdmualdmualdmualdmualdmualdmualdmualdmualdmualdmualdmualdmualdmualdmualdmualdmualdmualdmualdmualdmualdmualdmualdmualdmualdmualdmualdmualdmualdmualdmualdmualdmualdmualdmualdmualdmualdmualdmualdmualdmualdmualdmualdmualdmualdmualdmualdmualdmualdmualdmualdmualdmualdmualdmualdmualdmualdmualdmualdmualdmualdmualdmualdmualdmualdmualdmualdmualdmualdmualdmualdmualdmualdmualdmualdmualdmualdmualdmualdmualdmualdmualdmualdmualdmualdmualdmualdmualdmualdmualdmualdmualdmualdmualdmualdmualdmualdmualdmualdmualdmualdmualdmualdmualdmualdmualdmualdmualdmualdmualdmualdmualdmualdmualdmualdmualdmualdmualdmualdmualdmualdmualdmualdmualdmualdmualdmualdmualdmualdmualdmualdmualdmualdmualdmualdmualdmualdmualdmualdmualdmualdmualdmualdmualdmualdmualdmualdmualdmualdmualdmualdmualdmualdmualdmualdmualdmualdmualdmualdmualdmualdmualdmualdmualdmualdmualdmualdmualdmualdmualdmualdmualdmualdmualdmualdmualdmualdmualdmualdmualdmualdmualdmualdmualdmualdmualdmualdmualdmualdmualdmualdmualdmualdmualdmualdmualdmualdmualdmualdmualdmualdmualdmualdmualdmualdmualdmualdmualdmualdmualdmualdmualdmualdmualdmualdmualdmualdmualdmualdmualdmualdmualdmualdmualdmualdmualdmualdmualdmualdmualdmualdmualdmualdmualdmualdmualdmualdmualdmualdmualdmualdmualdmualdmualdmualdmualdmualdmualdmualdmualdmualdmualdmualdmualdmualdmualdmualdmualdmualdmualdmualdmualdmualdmualdmualdmualdmualdmualdmualdmualdmualdmualdmualdmualdmualdmualdmualdmualdmualdmualdmualdmualdmualdmualdmualdmualdmualdmualdmualdmualdmualdmualdmualdmualdmualdmualdmualdmualdmualdmualdmualdmualdmualdmualdmualdmualdmualdmualdmualdmualdmualdmualdmualdmualdmualdmualdmualdmualdmualdmualdmualdmualdmualdmualdmualdmualdmualdmualdmualdmualdmualdmualdmualdmualdmualdmualdmualdmualdmualdmualdmualdmualdmualdmualdmualdmualdmualdmualdmualdmualdmualdmualdmualdmualdmualdmualdmualdmualdmualdmualdmualdmualdmualdmualdmualdmualdmualdmualdmualdmualdmu
sirbisirbisirbisirbisirbisirbisirbisirbisirbisirbisirbisirbisirbisirbisirbisirbisirbisirbisirbisirbisirbisirbisirbisirbisirbisirbisirbisirbisirbisirbisirbisirbisirbisirbisirbisirbisirbisirbisirbisirbisirbisirbisirbisirbisirbisirbisirbisirbisirbisirbisirbisirbisirbisirbisirbisirbisirbisirbisirbisirbisirbisirbisirbisirbisirbisirbisirbisirbisirbisirbisirbisirbisirbisirbisirbisirbisirbisirbisirbisirbisirbisirbisirbisirbisirbisirbisirbisirbisirbisirbisirbisirbisirbisirbisirbisirbisirbisirbisirbisirbisirbisirbisirbisirbisirbisirbisirbisirbisirbisirbisirbisirbisirbisirbisirbisirbisirbisirbisirbisirbisirbisirbisirbisirbisirbisirbisirbisirbisirbisirbisirbisirbisirbisirbisirbisirbisirbisirbisirbisirbisirbisirbisirbisirbisirbisirbisirbisirbisirbisirbisirbisirbisirbisirbisirbisirbisirbisirbisirbisirbisirbisirbisirbisirbisirbisirbisirbisirbisirbisirbisirbisirbisirbisirbisirbisirbisirbisirbisirbisirbisirbisirbisirbisirbisirbisirbisirbisirbisirbisirbisirbisirbisirbisirbisirbisirbisirbisirbisirbisirbisirbisirbisirbisirbisirbisirbisirbisirbisirbisirbisirbisirbisirbisirbisirbisirbisirbisirbisirbisirbisirbisirbisirbisirbisirbisirbisirbisirbisirbisirbisirbisirbisirbisirbisirbisirbisirbisirbisirbisirbisirbisirbisirbisirbisirbisirbisirbisirbisirbisirbisirbisirbisirbisirbisirbisirbisirbisirbisirbisirbisirbisirbisirbisirbisirbisirbisirbisirbisirbisirbisirbisirbisirbisirbisirbisirbisirbisirbisirbisirbisirbisirbisirbisirbisirbisirbisirbisirbisirbisirbisirbisirbisirbisirbisirbisirbisirbisirbisirbisirbisirbisirbisirbisirbisirbisirbisirbisirbisirbisirbisirbisirbisirbisirbisirbisirbisirbisirbisirbisirbisirbisirbisirbisirbisirbisirbisirbisirbisirbisirbisirbisirbisirbisirbisirbisirbisirbisirbisirbisirbisirbisirbisirbisirbisirbisirbisirbisirbisirbisirbisirbisirbisirbisirbisirbisirbisirbisirbisirbisirbisirbisirbisirbisirbisirbisirbisirbisirbisirbisirbisirbisirbisirbisirbisirbisirbisirbisirbisirbisirbisirbisirbisirbisirbisirbisirbisirbisirbisirbisirbisirbisirbisirbisirbisirbisirbisirbisirbisirbisirbisirbisirbisirbisirbisirbisirbisirbisirbisirbisirbisirbisirbisirbisirbisirbisirbisirbisirbisirbisirbisirbisirbisirbisirbisirbisirbisirbisirbisirbisirbisirbisirbisirbisirbisirbisirbisirbisirbisirbisirbisirbisirbisirbisirbisirbisirbisirbisirbisirbisirbisirbisirbisirbisirbisirbisirbisirbisirbisirbisirbisirbisirbisirbisirbisirbisirbisirbisirbisirbisirbisirbisirbisirbisirbisirbisirbisirbisirbisirbisirbisirbisirbisirbisirbisirbisirbisirbisirbisirbisirbisirbisirbisirbisirbisirbisirbisirbisirbisirbisirbisirbisirbisirbisirbisirbisirbisirbisirbisirbisirbisirbisirbisirbisirbisirbisirbisirbisirbisirbisirbisirbisirbisirbisirbisirbisirbisirbisirbisirbisirbisirbisirbisirbisirbisirbisirbisirbisirbisirbisirbisirbisirbisirbisirbisirbisirbisirbisirbisirbisirbisirbisirbisirbisirbisirbisirbisirbisirbisirbisirbisirbisirbisirbisirbisirbisirbisirbisirbisirbisirbisirbisirbisirbisirbisirbisirbisirbisirbisirbisirbisirbisirbisirbisirbisirbisirbisirbisirbisirbisirbisirbisirbisirbisirbisirbisirbisirbisirbisirbisirbisirbisirbisirbisirbisirbisirbisirbisirbisirbisirbisirbisirbisirbisirbisirbisirbisirbisirbisirbisirbisirbisirbisirbisirbisirbisirbisirbisirbisirbisirbisirbisirbisirbisirbisirbisirbisirbisirbisirbisirbisirbisirbisirbisirbisirbisirbisirbisirbisirbisirbisirbisirbisirbisirbisirbisirbisirbisirbisirbisirbisirbisirbisirbisirbisirbisirbisirbisirbisirbisirbisirbisirbisirbisirbisirbisirbisirbisirbisirbisirbisirbisirbisirbisirbisirbisirbisirbisirbisirbisirbisirbisirbisirbisirbisirbisirbisirbisirbisirbisirbisirbisirbisirbisirbisirbisirbisirbisirbisirbisirbisirbisirbisirbisirbisirbisirbisirbisirbisirbisirbisirbisirbisirbisirbisirbisirbisirbisirbisirbisirbisirbisirbisirbisirbisirbisirbisirbisirbisirbisirbisirbisirbisirbisirbisirbisirbisirbisirbisirbisirbisirbisirbisirbisirbisirbisirbisirbisirbisirbisirbisirbisirbisirbisirbisirbisirbisirbisirbisirbisirbisirbisirbisirbisirbisirbisirbisirbisirbisirbisirbisirbisirbisirbisirbisirbisirbisirbisirbisirbisirbisirbisirbisirbisirbisirbisirbisirbisirbisirbisirbisirbisirbisirbisirbisirbisirbisirbisirbisirbisirbisirbisirbisirbisirbisirbisirbisirbisirbisirbisirbisirbisirbisirbisirbisirbisirbisirbisirbisirbisirbisirbisirbisirbisirbisirbisirbisirbisirbisirbisirbisirbisirbisirbisirbisirbisirbisirbisirbisirbisirbisirbisirbisirbisirbisirbisirbisirbisirbisirbisirbisirbisirbisirbisirbisirbisirbisirbisirbi
ES
ADVERTENCIAS IMPORTANTES
v cenv cenv cenv cenv cenv cenv cenv cenv cenv cenv cenv cenv cenv cenv cenv cenv cenv cenv cenv cenv cenv cenv cenv cenv cenv cenv cenv cenv cenv cenv cenv cenv cenv cenv cenv cenv cenv cenv cenv cenv cenv cenv cenv cenv cenv cenv cenv cenv cenv cenv cenv cenv cenv cenv cenv cenv cenv cenv cenv cenv cenv cenv cenv cenv cenv cenv cenv cenv cenv cenv cenv cenv cenv cenv cenv cenv cenv cenv cenv cenv cenv cenv cenv cenv cenv cenv cenv cenv cenv cenv cenv cenv cenv cenv cenv cenv cenv cenv cenv cenv cenv cenv cenv cenv cenv cenv cenv cenv cenv cenv cenv cenv cenv cenv cenv cenv cenv cenv cenv cenv cenv cenv cenv cenv cenv cenv cenv cenv cenv cenv cenv cenv cenv cenv cenv cenv cenv cenv cenv cenv cenv cenv cenv cenv cenv cenv cenv cenv cenv cenv cenv cenv cenv cenv cenv cenv cenv cenv cenv cenv cenv cenv cenv cenv cenv cenv cenv cenv cenv cenv cenv cenv cenv cenv cenv cenv cenv cenv cenv cenv cenv cenv cenv cenv cenv cenv cenv cenv cenv cenv cenv cenv cenv cenv cenv cenv cenv cenv cenv cenv cenv cenv cenv cenv cenv cenv cenv cenv cenv cenv cenv cenv cenv cenv cenv cenv cenv cenv cenv cenv cenv cenv cenv cenv cenv cenv cenv cenv cenv cenv cenv cenv cenv cenv cenv cenv cenv cenv cenv cenv cenv cenv cenv cenv cenv cenv cenv cenv cenv cenv cenv cenv cenv cenv cenv cenv cenv cenv cenv cenv cenv cenv cenv cenv cenv cenv cenv cenv cenv cenv cenv cenv cenv cenv cenv cenv cenv cenv cenv cenv cenv cenv cenv cenv cenv cenv cenv cenv cenv cenv cenv cenv cenv cenv cenv cenv cenv cenv cenv cenv cenv cenv cenv cenv cenv cenv cenv cenv cenv cenv cenv cenv cenv cenv cenv cenv cenv cenv cenv cenv cenv cenv cenv cenv cenv cenv cenv cenv cenv cenv cenv cenv cenv cenv cenv cenv cenv cenv cenv cenv cenv cenv cenv cenv cenv cenv cenv cenv cenv cenv cenv cenv cenv cenv cenv cenv cenv cenv cenv cenv cenv cenv cenv cenv cenv cenv cenv cenv cenv cenv cenv cenv cenv cenv cenv cenv cenv cenv cenv cenv cenv cenv cenv cenv cenv cenv cenv cenv cenv cenv cenv cenv cenv cenv cenv cenv cenv cenv cenv cenv cenv cenv cenv cenv cenv cenv cenv cenv cenv cenv cenv cenv cenv cenv cenv cenv cenv cenv cenv cenv cenv cenv cenv cenv cenv cenv cenv cenv cenv cenv cenv cenv cenv cenv cenv cenv cenv cenv cenv cenv cenv cenv cenv cenv cenv cenv cenv cenv cenv cenv cenv cenv cenv cenv cenv cenv cenv cenv cenv cenv cenv cenv cenv cenv cenv cenv cenv cenv cenv cenv cenv cenv cenv cenv cenv cenv cenv cenv cenv cenv cenv cenv cenv cenv cenv cenv cenv cenv cenv cenv cenv cenv cenv cenv cenv cenv cenv cenv cenv cenv cenv cenv cenv cenv cenv cenv cenv cenv cenv cenv cenv cenv cenv cenv cenv cenv cenv cenv cenv cenv cenv cenv cenv cenv cenv cenv cenv cenv cenv cenv cenv cenv cenv cenv cenv cenv cenv cenv cenv cenv cenv cenv cenv cenv cenv cenv cenv cenv cenv cenv cenv cenv cenv cenv cenv cenv cenv cenv cenv cenv cenv cenv cenv cenv cenv cenv cenv cenv cenv cenv cenv cenv cenv cenv cenv cenv cenv cenv cenv cenv cenv cenv cenv cenv cenv cenv cenv cenv cenv cenv cenv cenv cenv cenv cenv cenv cenv cenv cenv cenv cenv cenv cenv cenv cenv cenv cenv cenv cenv cenv cenv cenv cenv cenv cenv cenv cenv cenv cenv cenv cenv cenv cenv cenv cenv cenv cenv cenv cenv cenv cenv cenv cenv cenv cenv cenv cenv cenv cenv cenv cenv cenv cenv cenv cenv cenv cenv cenv cenv cenv cenv cenv cenv cenv cenv cenv cenv cenv cenv cenv cenv cenv cenv cenv cenv cenv cenv cenv cenv cenv cenv cenv cenv cenv cenv cenv cenv cenv cenv cenv cenv cenv cenv cenv cenv cenv cenv cenv cenv cenv cenv cenv cenv cenv cenv cenv cenv cenv cenv cenv cenv cenv cenv cenv cenv cenv cenv cenv cenv cenv cenv cenv cenv cenv cenv cenv cenv cenv cenv cenv cenv cenv cenv cenv cenv cenv cenv cenv cenv cenv cenv cenv cenv cenv cenv cenv cenv cenv cenv cenv cenv cenv cenv cenv cenv cenv cenv cenv cenv cenv cenv cenv cenv cenv cenv cenv cenv cenv cenv cenv cenv cenv cenv cenv cenv cenv cenv cenv cenv cenv cenv cenv cenv cenv cenv cenv cenv cenv cenv cenv cenv cenv cenv cenv cenv cenv cenv cenv cenv cenv cenv cenv cenv cenv cenv cenv cenv cenv cenv cenv cenv cenv cenv cenv cenv cenv cenv cenv cenv cenv cenv cenv cenv cenv cenv cenv cenv cenv cenv cenv cenv cenv cenv cenv cenv cenv cenv cenv cenv cenv cenv cenv cenv cenv cenv cenv cenv cenv cenv cenv cenv cenv cenv cenv cenv cenv cenv cenv cenv cenv cenv cenv cenv cenv cenv cenv cenv cenv cenv cenv cenv cenv cenv cenv cenv cenv cenv cen
v cenv cenv cenv cenv cenv cenv cenv cenv cenv cenv cenv cenv cenv cenv cenv cenv cenv cenv cenv cenv cenv cenv cenv cenv cenv cenv cenv cenv cenv cenv cenv cenv cenv cenv cenv cenv cenv cenv cenv cenv cenv cenv cenv cenv cenv cenv cenv cenv cenv cenv cenv cenv cenv cenv cenv cenv cenv cenv cenv cenv cenv cenv cenv cenv cenv cenv cenv cenv cenv cenv cenv cenv cenv cenv cenv cenv cenv cenv cenv cenv cenv cenv cenv cenv cenv cenv cenv cenv cenv cenv cenv cenv cenv cenv cenv cenv cenv cenv cenv cenv cenv cenv cenv cenv cenv cenv cenv cenv cenv cenv cenv cenv cenv cenv cenv cenv cenv cenv cenv cenv cenv cenv cenv cenv cenv cenv cenv cenv cenv cenv cenv cenv cenv cenv cenv cenv cenv cenv cenv cenv cenv cenv cenv cenv cenv cenv cenv cenv cenv cenv cenv cenv cenv cenv cenv cenv cenv cenv cenv cenv cenv cenv cenv cenv cenv cenv cenv cenv cenv cenv cenv cenv cenv cenv cenv cenv cenv cenv cenv cenv cenv cenv cenv cenv cenv cenv cenv cenv cenv cenv cenv cenv cenv cenv cenv cenv cenv cenv cenv cenv cenv cenv cenv cenv cenv cenv cenv cenv cenv cenv cenv cenv cenv cenv cenv cenv cenv cenv cenv cenv cenv cenv cenv cenv cenv cenv cenv cenv cenv cenv cenv cenv cenv cenv cenv cenv cenv cenv cenv cenv cenv cenv cenv cenv cenv cenv cenv cenv cenv cenv cenv cenv cenv cenv cenv cenv cenv cenv cenv cenv cenv cenv cenv cenv cenv cenv cenv cenv cenv cenv cenv cenv cenv cenv cenv cenv cenv cenv cenv cenv cenv cenv cenv cenv cenv cenv cenv cenv cenv cenv cenv cenv cenv cenv cenv cenv cenv cenv cenv cenv cenv cenv cenv cenv cenv cenv cenv cenv cenv cenv cenv cenv cenv cenv cenv cenv cenv cenv cenv cenv cenv cenv cenv cenv cenv cenv cenv cenv cenv cenv cenv cenv cenv cenv cenv cenv cenv cenv cenv cenv cenv cenv cenv cenv cenv cenv cenv cenv cenv cenv cenv cenv cenv cenv cenv cenv cenv cenv cenv cenv cenv cenv cenv cenv cenv cenv cenv cenv cenv cenv cenv cenv cenv cenv cenv cenv cenv cenv cenv cenv cenv cenv cenv cenv cenv cenv cenv cenv cenv cenv cenv cenv cenv cenv cenv cenv cenv cenv cenv cenv cenv cenv cenv cenv cenv cenv cenv cenv cenv cenv cenv cenv cenv cenv cenv cenv cenv cenv cenv cenv cenv cenv cenv cenv cenv cenv cenv cenv cenv cenv cenv cenv cenv cenv cenv cenv cenv cenv cenv cenv cenv cenv cenv cenv cenv cenv cenv cenv cenv cenv cenv cenv cenv cenv cenv cenv cenv cenv cenv cenv cenv cenv cenv cenv cenv cenv cenv cenv cenv cenv cenv cenv cenv cenv cenv cenv cenv cenv cenv cenv cenv cenv cenv cenv cenv cenv cenv cenv cenv cenv cenv cenv cenv cenv cenv cenv cenv cenv cenv cenv cenv cenv cenv cenv cenv cenv cenv cenv cenv cenv cenv cenv cenv cenv cenv cenv cenv cenv cenv cenv cenv cenv cenv cenv cenv cenv cenv cenv cenv cenv cenv cenv cenv cenv cenv cenv cenv cenv cenv cenv cenv cenv cenv cenv cenv cenv cenv cenv cenv cenv cenv cenv cenv cenv cenv cenv cenv cenv cenv cenv cenv cenv cenv cenv cenv cenv cenv cenv cenv cenv cenv cenv cenv cenv cenv cenv cenv cenv cenv cenv cenv cenv cenv cenv cenv cenv cenv cenv cenv cenv cenv cenv cenv cenv cenv cenv cenv cenv cenv cenv cenv cenv cenv cenv cenv cenv cenv cenv cenv cenv cenv cenv cenv cenv cenv cenv cenv cenv cenv cenv cenv cenv cenv cenv cenv cenv cenv cenv cenv cenv cenv cenv cenv cenv cenv cenv cenv cenv cenv cenv cenv cenv cenv cenv cenv cenv cenv cenv cenv cenv cenv cenv cenv cenv cenv cenv cenv cenv cenv cenv cenv cenv cenv cenv cenv cenv cenv cenv cenv cenv cenv cenv cenv cenv cenv cenv cenv cenv cenv cenv cenv cenv cenv cenv cenv cenv cenv cenv cenv cenv cenv cenv cenv cenv cenv cenv cenv cenv cenv cenv cenv cenv cenv cenv cenv cenv cenv cenv cenv cenv cenv cenv cenv cenv cenv cenv cenv cenv cenv
GUARDAR ESTAS INSTRUCCIONES
s gp s gp s gp s gp s gp s gp s gp s gp s gp s gp s gp s gp s gp s gp s gp s gp s gp s gp s gp s gp s gp s gp s gp s gp s gp s gp s gp s gp s gp s gp s gp s gp s gp s gp s gp s gp s gp s gp s gp s gp s gp s gp s gp s gp s gp s gp s gp s gp s gp s gp s gp s gp s gp s gp s gp s gp s gp s gp s gp s gp s gp s gp s gp s gp s gp s gp s gp s gp s gp s gp s gp s gp s gp s gp s gp s gp s gp s gp s gp s gp s gp s gp s gp s gp s gp s gp s gp s gp s gp s gp s gp s gp s gp s gp s gp s gp s gp s gp s gp s gp s gp s gp s gp s gp s gp s gp s gp s gp s gp s gp s gp s gp s gp s gp s gp s gp s gp s gp s gp s gp s gp s gp s gp s gp s gp s gp s gp s gp s gp s gp s gp s gp s gp s gp s gp s gp s gp s gp s gp s gp s gp s gp s gp s gp s gp s gp s gp s gp s gp s gp s gp s gp s gp s gp s gp s gp s gp s gp s gp s gp s gp s gp s gp s gp s gp s gp s gp s gp s gp s gp s gp s gp s gp s gp s gp s gp s gp s gp s gp s gp s gp s gp s gp s gp s gp s gp s gp s gp s gp s gp s gp s gp s gp s gp s gp s gp s gp s gp s gp s gp s gp s gp s gp s gp s gp s gp s gp s gp s gp s gp s gp s gp s gp s gp s gp s gp s gp s gp s gp s gp s gp s gp s gp s gp s gp s gp s gp s gp s gp s gp s gp s gp s gp s gp s gp s gp s gp s gp s gp s gp s gp s gp s gp s gp s gp s gp s gp s gp s gp s gp s gp s gp s gp s gp s gp s gp s gp s gp s gp s gp s gp s gp s gp s gp s gp s gp s gp s gp s gp s gp s gp s gp s gp s gp s gp s gp s gp s gp s gp s gp s gp s gp s gp s gp s gp s gp s gp s gp s gp s gp s gp s gp s gp s gp s gp s gp s gp s gp s gp s gp s gp s gp s gp s gp s gp s gp s gp s gp s gp s gp s gp s gp s gp s gp s gp s gp s gp s gp s gp s gp s gp s gp s gp s gp s gp s gp s gp s gp s gp s gp s gp s gp s gp s gp s gp s gp s gp s gp s gp s gp s gp s gp s gp s gp s gp s gp s gp s gp s gp s gp s gp s gp s gp s gp s gp s gp s gp s gp s gp s gp s gp s gp s gp s gp s gp s gp s gp s gp s gp s gp s gp s gp
etahretahretahretahretahretahretahretahretahretahretahretahretahretahretahretahretahretahretahretahretahretahretahretahretahretahretahretahretahretahretahretahretahretahretahretahretahretahretahretahretahretahretahretahretahretahretahretahretahretahretahretahretahretahretahretahretahretahretahretahretahretahretahretahretahretahretahretahretahretahretahretahretahretahret
PT
ADVERTÊNCIAS IMPORTANTES
aldmualdmualdmualdmualdmualdmualdmualdmualdmualdmualdmualdmualdmualdmualdmualdmualdmualdmualdmualdmualdmualdmualdmualdmualdmualdmualdmualdmualdmualdmualdmualdmualdmualdmualdmualdmualdmualdmualdmualdmualdmualdmualdmualdmualdmualdmualdmualdmualdmualdmualdmualdmualdmualdmualdmualdmualdmualdmualdmualdmualdmualdmualdmualdmualdmualdmualdmualdmualdmualdmualdmualdmualdmualdmualdmualdmualdmualdmualdmualdmualdmualdmualdmualdmualdmualdmualdmualdmualdmualdmualdmualdmualdmualdmualdmualdmualdmualdmualdmualdmualdmualdmualdmualdmualdmualdmualdmualdmualdmualdmualdmualdmualdmualdmualdmualdmualdmualdmualdmualdmualdmualdmualdmualdmualdmualdmualdmualdmualdmualdmualdmualdmualdmualdmualdmualdmualdmualdmualdmualdmualdmualdmualdmualdmualdmualdmualdmualdmualdmualdmualdmualdmualdmualdmualdmualdmualdmualdmualdmualdmualdmualdmualdmualdmualdmualdmualdmualdmualdmualdmualdmualdmualdmualdmualdmualdmualdmualdmualdmualdmualdmualdmualdmualdmualdmualdmualdmualdmualdmualdmualdmualdmualdmualdmualdmualdmualdmualdmualdmualdmualdmualdmualdmualdmualdmualdmualdmualdmualdmualdmualdmualdmualdmualdmualdmualdmualdmualdmualdmualdmualdmualdmualdmualdmualdmualdmualdmualdmualdmualdmualdmualdmualdmualdmualdmualdmualdmualdmualdmualdmualdmualdmualdmualdmualdmualdmualdmualdmualdmualdmualdmualdmualdmualdmualdmualdmualdmualdmualdmualdmualdmualdmualdmualdmualdmualdmualdmualdmualdmualdmualdmualdmualdmualdmualdmualdmualdmualdmualdmualdmualdmualdmualdmualdmualdmualdmualdmualdmualdmualdmualdmualdmualdmualdmualdmualdmualdmualdmualdmualdmualdmualdmualdmualdmualdmualdmualdmualdmualdmualdmualdmualdmualdmualdmualdmualdmualdmualdmualdmualdmualdmualdmualdmualdmualdmualdmualdmualdmualdmualdmualdmualdmualdmualdmualdmualdmualdmualdmualdmualdmualdmualdmualdmualdmualdmualdmualdmualdmualdmualdmualdmualdmualdmualdmualdmualdmualdmualdmualdmualdmualdmualdmualdmualdmualdmualdmualdmualdmualdmualdmualdmualdmualdmualdmualdmualdmualdmualdmualdmualdmualdmualdmualdmualdmualdmualdmualdmualdmualdmualdmualdmualdmualdmualdmualdmualdmualdmualdmualdmualdmualdmualdmualdmualdmualdmualdmualdmualdmualdmualdmualdmualdmualdmualdmualdmualdmualdmualdmualdmualdmualdmualdmualdmualdmualdmualdmualdmualdmualdmualdmualdmualdmualdmualdmualdmualdmualdmualdmualdmualdmualdmualdmualdmualdmualdmualdmualdmualdmualdmualdmualdmualdmualdmualdmualdmualdmualdmualdmualdmualdmualdmualdmualdmualdmualdmualdmualdmualdmualdmualdmualdmualdmualdmualdmualdmualdmualdmualdmualdmualdmualdmualdmualdmualdmualdmualdmualdmualdmualdmualdmualdmualdmualdmualdmualdmualdmualdmualdmualdmualdmualdmualdmualdmualdmualdmualdmualdmualdmualdmualdmualdmualdmualdmualdmualdmualdmualdmualdmualdmualdmualdmualdmualdmualdmualdmualdmualdmualdmualdmualdmualdmualdmualdmualdmualdmualdmualdmualdmualdmualdmualdmualdmualdmualdmualdmualdmualdmualdmualdmualdmualdmualdmualdmualdmualdmualdmualdmualdmualdmualdmualdmualdmualdmualdmualdmualdmualdmualdmualdmualdmualdmualdmualdmualdmualdmualdmualdmualdmualdmualdmualdmualdmualdmualdmualdmualdmualdmualdmualdmualdmualdmualdmualdmualdmualdmualdmualdmualdmualdmualdmualdmualdmualdmualdmualdmualdmualdmualdmualdmualdmualdmualdmualdmualdmualdmualdmualdmualdmualdmualdmualdmualdmualdmualdmualdmualdmualdmualdmualdmualdmualdmualdmualdmualdmualdmualdmualdmualdmualdmualdmualdmualdmualdmualdmualdmualdmualdmualdmualdmualdmualdmualdmualdmualdmualdmualdmualdmualdmualdmualdmualdmualdmualdmualdmualdmualdmualdmualdmualdmualdmualdmualdmualdmualdmualdmualdmualdmualdmualdmualdmualdmualdmualdmualdmualdmualdmualdmualdmualdmualdmualdmualdmualdmualdmualdmualdmualdmualdmualdmualdmualdmualdmualdmualdmualdmualdmualdmualdmualdmualdmualdmualdmualdmualdmualdmualdmualdmualdmualdmualdmualdmualdmualdmualdmualdmualdmualdmualdmualdmualdmualdmualdmualdmualdmualdmualdmualdmualdmualdmualdmualdmualdmualdmualdmu
1	2	3	4	5	6	7
A
B
C
D
Fig. 1
Fig. 2
